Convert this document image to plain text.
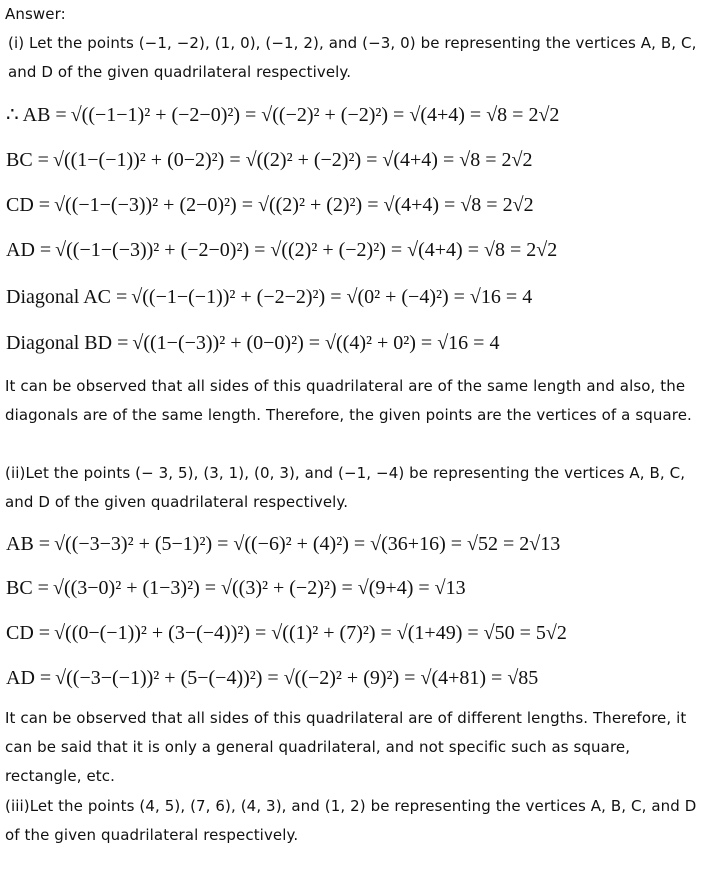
Answer:
(i) Let the points (−1, −2), (1, 0), (−1, 2), and (−3, 0) be representing the vertices A, B, C, and D of the given quadrilateral respectively.
∴ AB = √((−1−1)² + (−2−0)²) = √((−2)² + (−2)²) = √(4+4) = √8 = 2√2
BC = √((1−(−1))² + (0−2)²) = √((2)² + (−2)²) = √(4+4) = √8 = 2√2
CD = √((−1−(−3))² + (2−0)²) = √((2)² + (2)²) = √(4+4) = √8 = 2√2
AD = √((−1−(−3))² + (−2−0)²) = √((2)² + (−2)²) = √(4+4) = √8 = 2√2
Diagonal AC = √((−1−(−1))² + (−2−2)²) = √(0² + (−4)²) = √16 = 4
Diagonal BD = √((1−(−3))² + (0−0)²) = √((4)² + 0²) = √16 = 4
It can be observed that all sides of this quadrilateral are of the same length and also, the diagonals are of the same length. Therefore, the given points are the vertices of a square.
(ii)Let the points (− 3, 5), (3, 1), (0, 3), and (−1, −4) be representing the vertices A, B, C, and D of the given quadrilateral respectively.
AB = √((−3−3)² + (5−1)²) = √((−6)² + (4)²) = √(36+16) = √52 = 2√13
BC = √((3−0)² + (1−3)²) = √((3)² + (−2)²) = √(9+4) = √13
CD = √((0−(−1))² + (3−(−4))²) = √((1)² + (7)²) = √(1+49) = √50 = 5√2
AD = √((−3−(−1))² + (5−(−4))²) = √((−2)² + (9)²) = √(4+81) = √85
It can be observed that all sides of this quadrilateral are of different lengths. Therefore, it can be said that it is only a general quadrilateral, and not specific such as square, rectangle, etc.
(iii)Let the points (4, 5), (7, 6), (4, 3), and (1, 2) be representing the vertices A, B, C, and D of the given quadrilateral respectively.
